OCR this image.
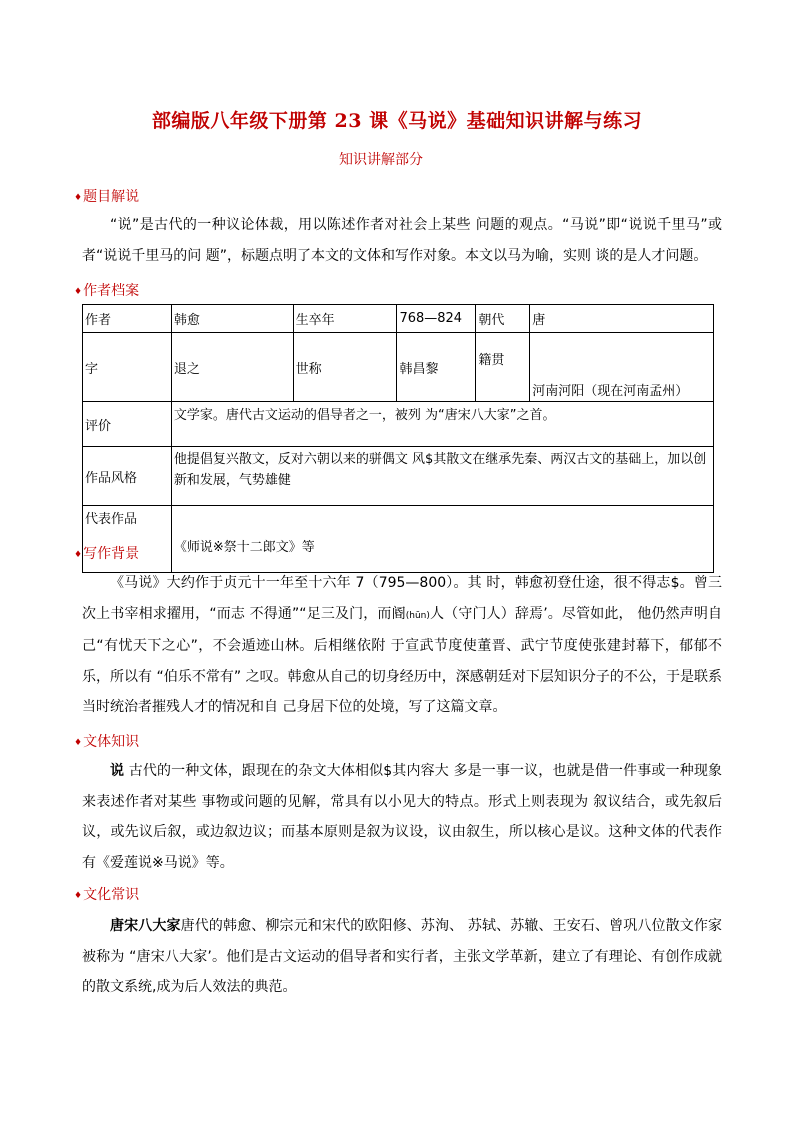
部编版八年级下册第 23 课《马说》基础知识讲解与练习
知识讲解部分
♦题目解说
“说”是古代的一种议论体裁，用以陈述作者对社会上某些 问题的观点。“马说”即“说说千里马”或者“说说千里马的问 题”，标题点明了本文的文体和写作对象。本文以马为喻，实则 谈的是人才问题。
♦作者档案
作者	韩愈	生卒年	768—824	朝代	唐
字	退之	世称	韩昌黎	籍贯	河南河阳（现在河南孟州）
评价	文学家。唐代古文运动的倡导者之一，被列 为“唐宋八大家”之首。				
作品风格	他提倡复兴散文，反对六朝以来的骈偶文 风$其散文在继承先秦、两汉古文的基础上，加以创新和发展，气势雄健				
代表作品	《师说※祭十二郎文》等				
♦写作背景
《马说》大约作于贞元十一年至十六年 7（795—800）。其 时，韩愈初登仕途，很不得志$。曾三次上书宰相求擢用，“而志 不得通”“足三及门，而阍(hūn)人（守门人）辞焉’。尽管如此， 他仍然声明自己“有忧天下之心”，不会遁迹山林。后相继依附 于宣武节度使董晋、武宁节度使张建封幕下，郁郁不乐，所以有 “伯乐不常有” 之叹。韩愈从自己的切身经历中，深感朝廷对下层知识分子的不公，于是联系当时统治者摧残人才的情况和自 己身居下位的处境，写了这篇文章。
♦文体知识
说 古代的一种文体，跟现在的杂文大体相似$其内容大 多是一事一议，也就是借一件事或一种现象来表述作者对某些 事物或问题的见解，常具有以小见大的特点。形式上则表现为 叙议结合，或先叙后议，或先议后叙，或边叙边议；而基本原则是叙为议设，议由叙生，所以核心是议。这种文体的代表作有《爱莲说※马说》等。
♦文化常识
唐宋八大家唐代的韩愈、柳宗元和宋代的欧阳修、苏洵、 苏轼、苏辙、王安石、曾巩八位散文作家被称为 “唐宋八大家’。他们是古文运动的倡导者和实行者，主张文学革新，建立了有理论、有创作成就的散文系统,成为后人效法的典范。
